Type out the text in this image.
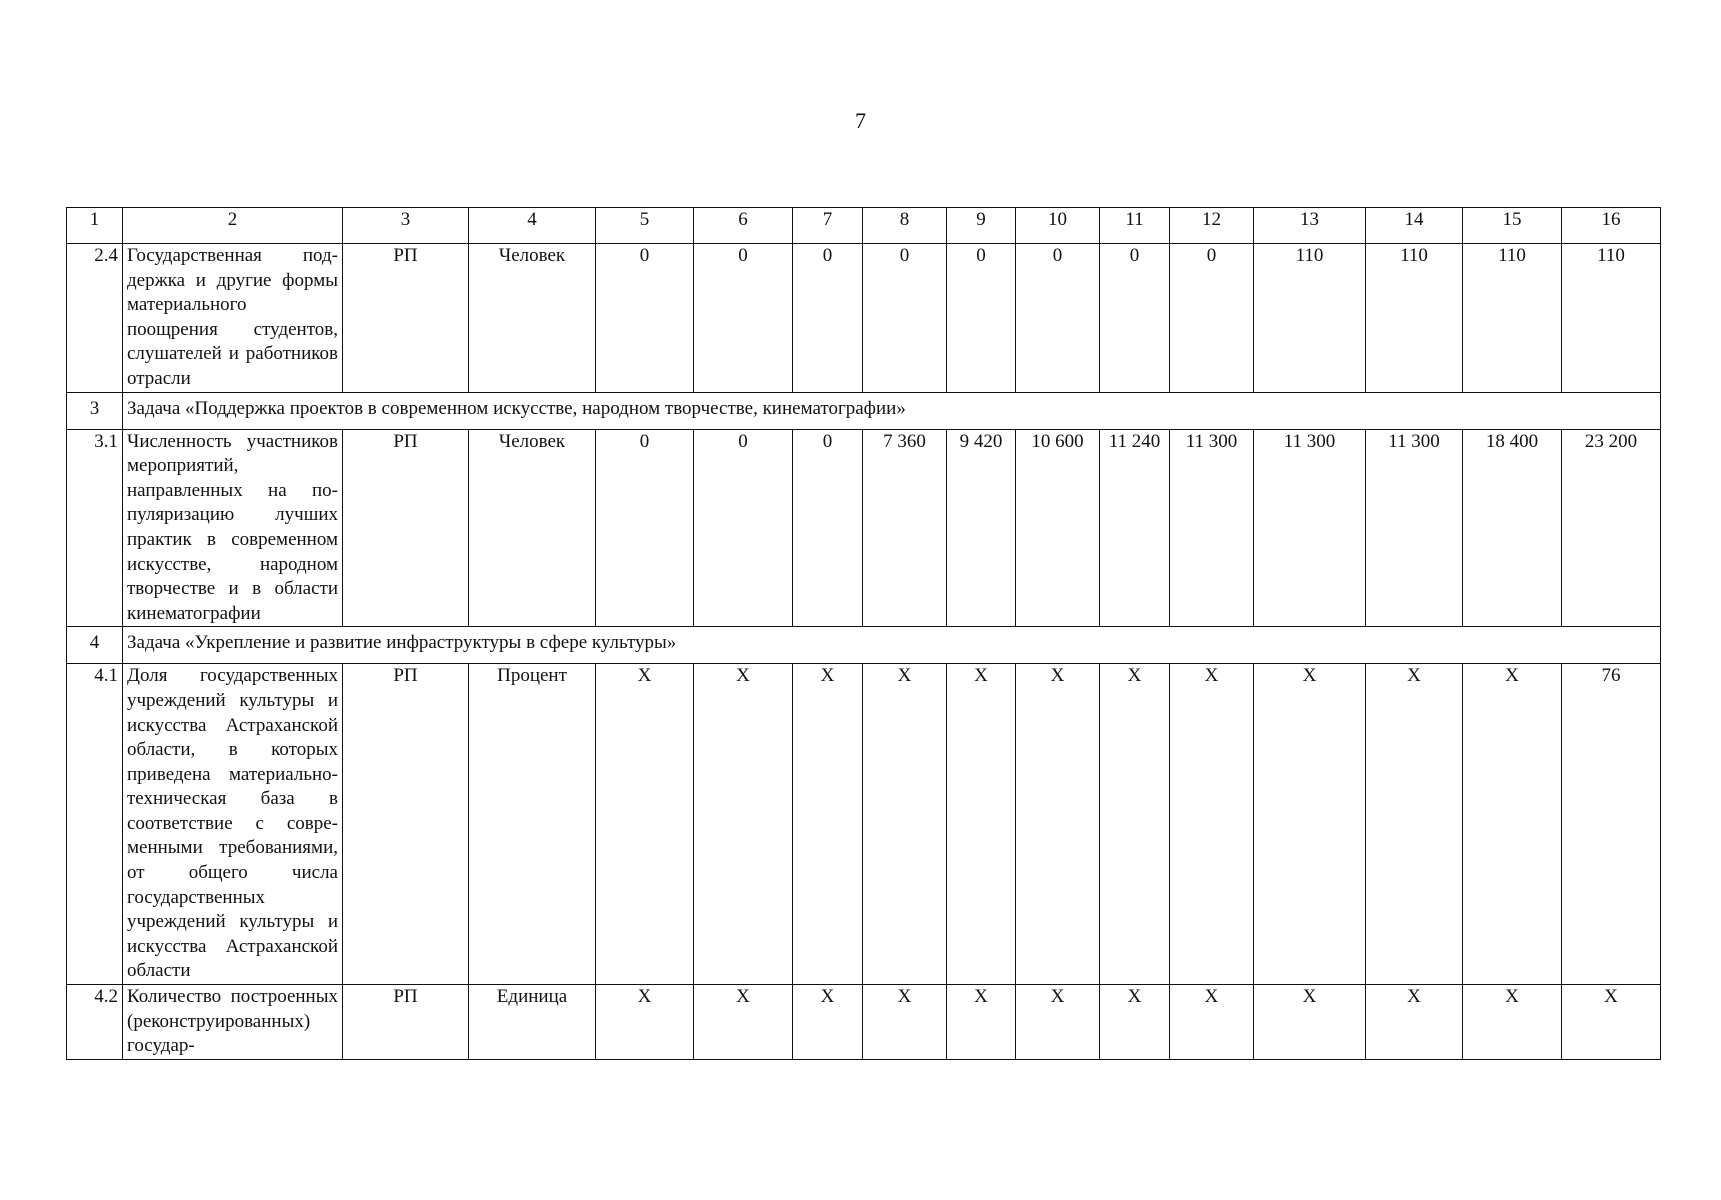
7
1	2	3	4	5	6	7	8	9	10	11	12	13	14	15	16
2.4	Государственная поддержка и другие формы материального поощрения студентов, слушателей и работников отрасли	РП	Человек	0	0	0	0	0	0	0	0	110	110	110	110
3	Задача «Поддержка проектов в современном искусстве, народном творчестве, кинематографии»														
3.1	Численность участников мероприятий, направленных на популяризацию лучших практик в современном искусстве, народном творчестве и в области кинематографии	РП	Человек	0	0	0	7 360	9 420	10 600	11 240	11 300	11 300	11 300	18 400	23 200
4	Задача «Укрепление и развитие инфраструктуры в сфере культуры»														
4.1	Доля государственных учреждений культуры и искусства Астраханской области, в которых приведена материально-техническая база в соответствие с современными требованиями, от общего числа государственных учреждений культуры и искусства Астраханской области	РП	Процент	X	X	X	X	X	X	X	X	X	X	X	76
4.2	Количество построенных (реконструированных) государ-	РП	Единица	X	X	X	X	X	X	X	X	X	X	X	X
